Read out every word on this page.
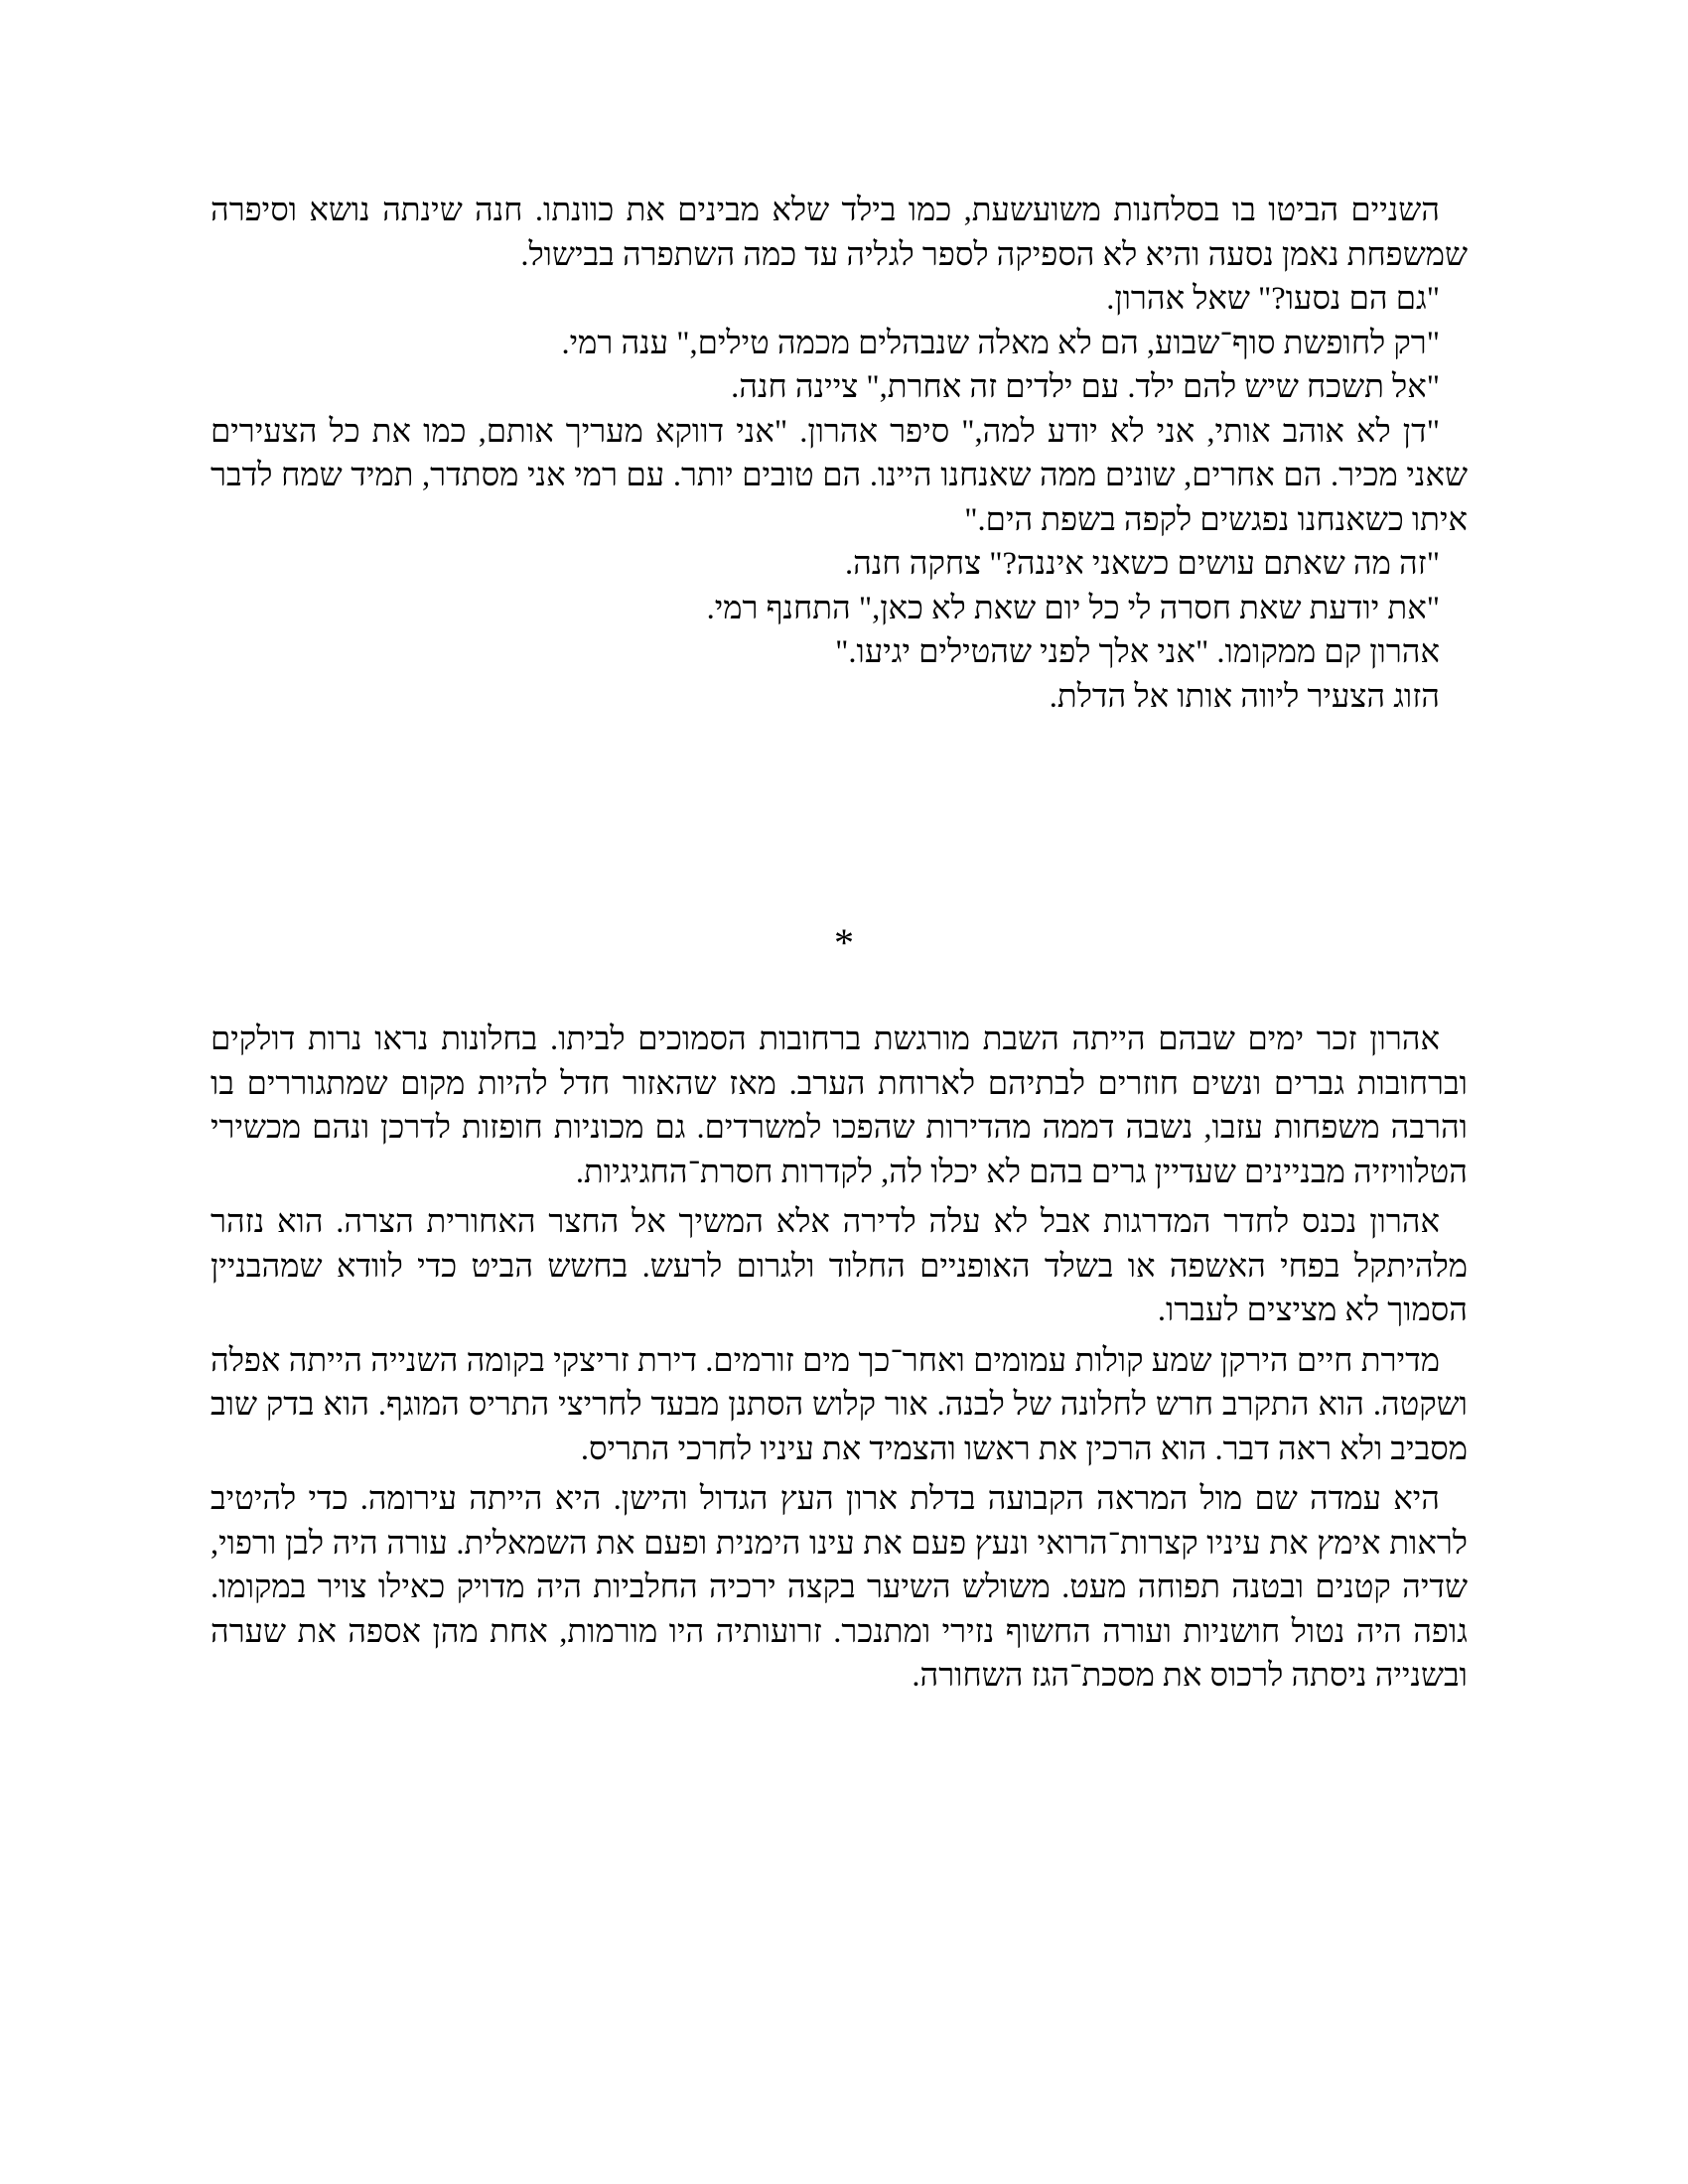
השניים הביטו בו בסלחנות משועשעת, כמו בילד שלא מבינים את כוונתו. חנה שינתה נושא וסיפרה שמשפחת נאמן נסעה והיא לא הספיקה לספר לגליה עד כמה השתפרה בבישול.

"גם הם נסעו?" שאל אהרון.

"רק לחופשת סוף־שבוע, הם לא מאלה שנבהלים מכמה טילים," ענה רמי.

"אל תשכח שיש להם ילד. עם ילדים זה אחרת," ציינה חנה.

"דן לא אוהב אותי, אני לא יודע למה," סיפר אהרון. "אני דווקא מעריך אותם, כמו את כל הצעירים שאני מכיר. הם אחרים, שונים ממה שאנחנו היינו. הם טובים יותר. עם רמי אני מסתדר, תמיד שמח לדבר איתו כשאנחנו נפגשים לקפה בשפת הים."

"זה מה שאתם עושים כשאני איננה?" צחקה חנה.

"את יודעת שאת חסרה לי כל יום שאת לא כאן," התחנף רמי.

אהרון קם ממקומו. "אני אלך לפני שהטילים יגיעו."

הזוג הצעיר ליווה אותו אל הדלת.

*

אהרון זכר ימים שבהם הייתה השבת מורגשת ברחובות הסמוכים לביתו. בחלונות נראו נרות דולקים וברחובות גברים ונשים חוזרים לבתיהם לארוחת הערב. מאז שהאזור חדל להיות מקום שמתגוררים בו והרבה משפחות עזבו, נשבה דממה מהדירות שהפכו למשרדים. גם מכוניות חופזות לדרכן ונהם מכשירי הטלוויזיה מבניינים שעדיין גרים בהם לא יכלו לה, לקדרות חסרת־החגיגיות.

אהרון נכנס לחדר המדרגות אבל לא עלה לדירה אלא המשיך אל החצר האחורית הצרה. הוא נזהר מלהיתקל בפחי האשפה או בשלד האופניים החלוד ולגרום לרעש. בחשש הביט כדי לוודא שמהבניין הסמוך לא מציצים לעברו.

מדירת חיים הירקן שמע קולות עמומים ואחר־כך מים זורמים. דירת זריצקי בקומה השנייה הייתה אפלה ושקטה. הוא התקרב חרש לחלונה של לבנה. אור קלוש הסתנן מבעד לחריצי התריס המוגף. הוא בדק שוב מסביב ולא ראה דבר. הוא הרכין את ראשו והצמיד את עיניו לחרכי התריס.

היא עמדה שם מול המראה הקבועה בדלת ארון העץ הגדול והישן. היא הייתה עירומה. כדי להיטיב לראות אימץ את עיניו קצרות־הרואי ונעץ פעם את עינו הימנית ופעם את השמאלית. עורה היה לבן ורפוי, שדיה קטנים ובטנה תפוחה מעט. משולש השיער בקצה ירכיה החלביות היה מדויק כאילו צויר במקומו. גופה היה נטול חושניות ועורה החשוף נזירי ומתנכר. זרועותיה היו מורמות, אחת מהן אספה את שערה ובשנייה ניסתה לרכוס את מסכת־הגז השחורה.
